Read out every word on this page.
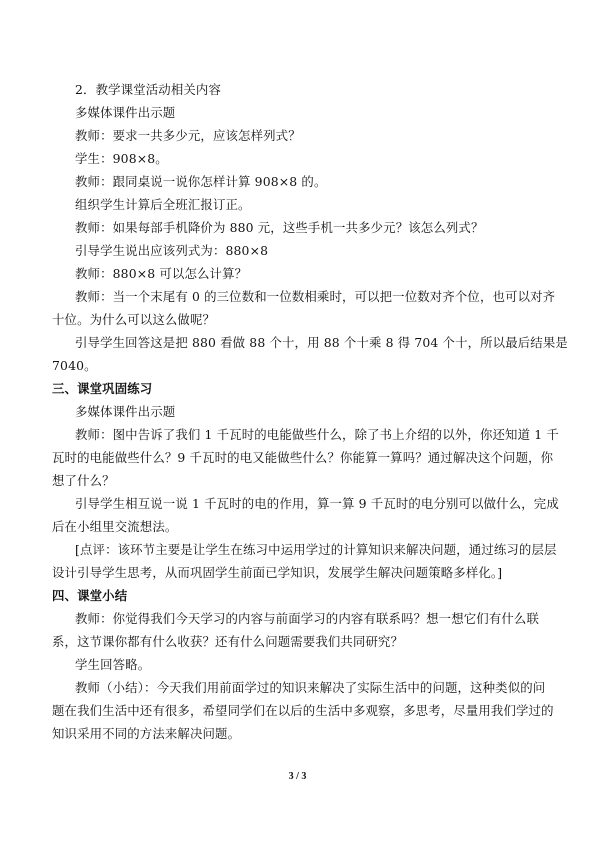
2．教学课堂活动相关内容
多媒体课件出示题
教师：要求一共多少元，应该怎样列式？
学生：908×8。
教师：跟同桌说一说你怎样计算 908×8 的。
组织学生计算后全班汇报订正。
教师：如果每部手机降价为 880 元，这些手机一共多少元？该怎么列式？
引导学生说出应该列式为：880×8
教师：880×8 可以怎么计算？
教师：当一个末尾有 0 的三位数和一位数相乘时，可以把一位数对齐个位，也可以对齐
十位。为什么可以这么做呢？
引导学生回答这是把 880 看做 88 个十，用 88 个十乘 8 得 704 个十，所以最后结果是
7040。
三、课堂巩固练习
多媒体课件出示题
教师：图中告诉了我们 1 千瓦时的电能做些什么，除了书上介绍的以外，你还知道 1 千
瓦时的电能做些什么？9 千瓦时的电又能做些什么？你能算一算吗？通过解决这个问题，你
想了什么？
引导学生相互说一说 1 千瓦时的电的作用，算一算 9 千瓦时的电分别可以做什么，完成
后在小组里交流想法。
[点评：该环节主要是让学生在练习中运用学过的计算知识来解决问题，通过练习的层层
设计引导学生思考，从而巩固学生前面已学知识，发展学生解决问题策略多样化。]
四、课堂小结
教师：你觉得我们今天学习的内容与前面学习的内容有联系吗？想一想它们有什么联
系，这节课你都有什么收获？还有什么问题需要我们共同研究？
学生回答略。
教师（小结）：今天我们用前面学过的知识来解决了实际生活中的问题，这种类似的问
题在我们生活中还有很多，希望同学们在以后的生活中多观察，多思考，尽量用我们学过的
知识采用不同的方法来解决问题。
3 / 3
